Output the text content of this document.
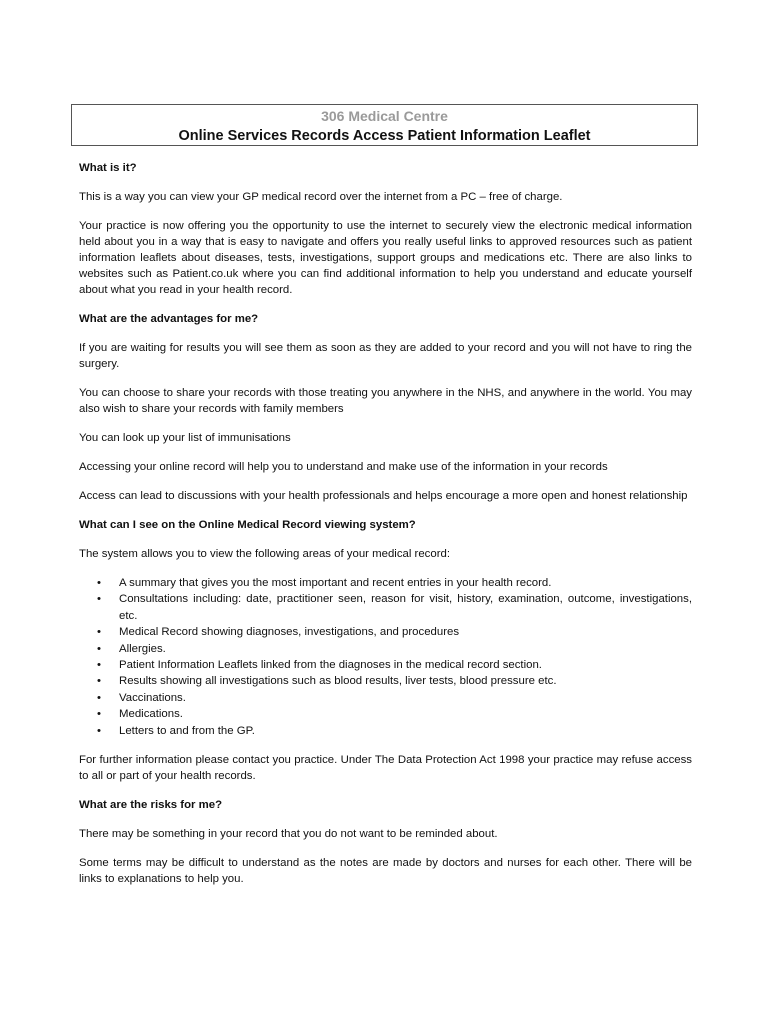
306 Medical Centre
Online Services Records Access Patient Information Leaflet
What is it?

This is a way you can view your GP medical record over the internet from a PC – free of charge.

Your practice is now offering you the opportunity to use the internet to securely view the electronic medical information held about you in a way that is easy to navigate and offers you really useful links to approved resources such as patient information leaflets about diseases, tests, investigations, support groups and medications etc. There are also links to websites such as Patient.co.uk where you can find additional information to help you understand and educate yourself about what you read in your health record.

What are the advantages for me?

If you are waiting for results you will see them as soon as they are added to your record and you will not have to ring the surgery.

You can choose to share your records with those treating you anywhere in the NHS, and anywhere in the world. You may also wish to share your records with family members

You can look up your list of immunisations

Accessing your online record will help you to understand and make use of the information in your records

Access can lead to discussions with your health professionals and helps encourage a more open and honest relationship

What can I see on the Online Medical Record viewing system?

The system allows you to view the following areas of your medical record:

• A summary that gives you the most important and recent entries in your health record.
• Consultations including: date, practitioner seen, reason for visit, history, examination, outcome, investigations, etc.
• Medical Record showing diagnoses, investigations, and procedures
• Allergies.
• Patient Information Leaflets linked from the diagnoses in the medical record section.
• Results showing all investigations such as blood results, liver tests, blood pressure etc.
• Vaccinations.
• Medications.
• Letters to and from the GP.

For further information please contact you practice. Under The Data Protection Act 1998 your practice may refuse access to all or part of your health records.

What are the risks for me?

There may be something in your record that you do not want to be reminded about.

Some terms may be difficult to understand as the notes are made by doctors and nurses for each other. There will be links to explanations to help you.
